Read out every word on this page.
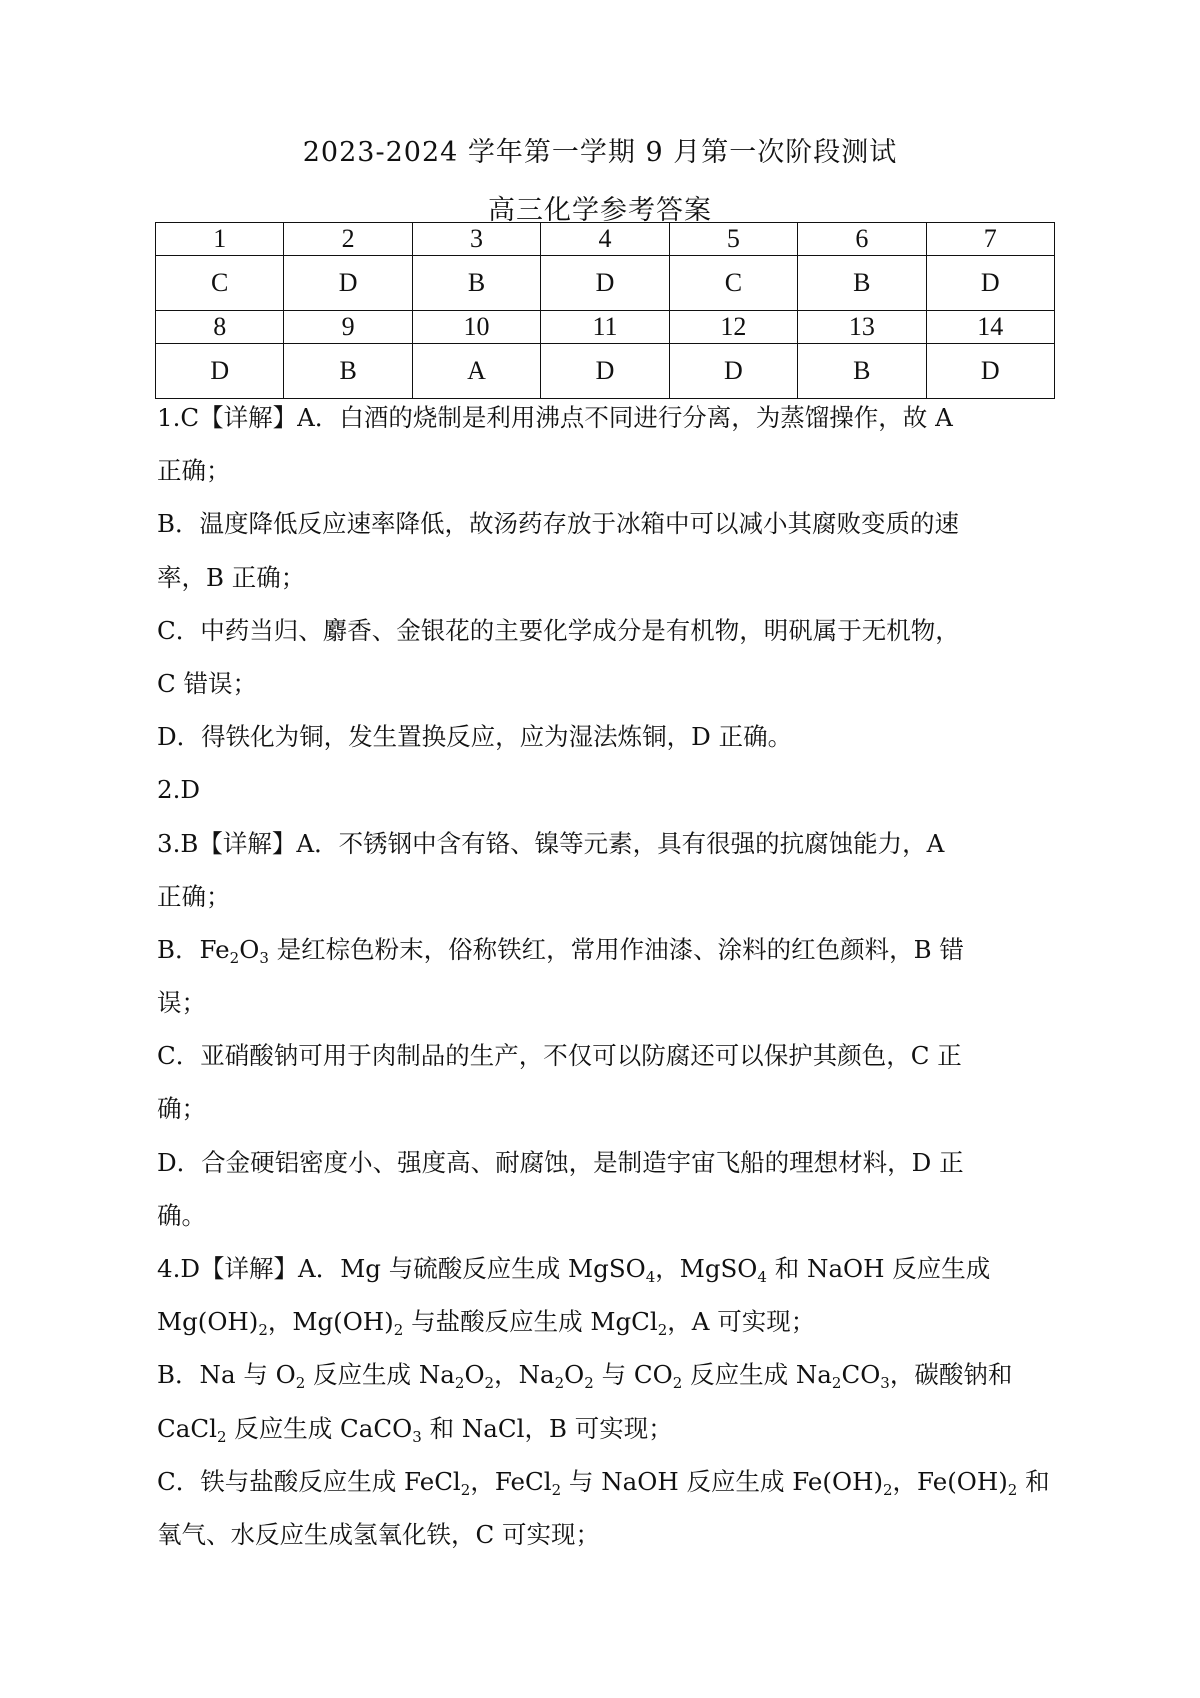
2023-2024 学年第一学期 9 月第一次阶段测试
高三化学参考答案
1	2	3	4	5	6	7
C	D	B	D	C	B	D
8	9	10	11	12	13	14
D	B	A	D	D	B	D
1.C【详解】A．白酒的烧制是利用沸点不同进行分离，为蒸馏操作，故 A
正确；
B．温度降低反应速率降低，故汤药存放于冰箱中可以减小其腐败变质的速
率，B 正确；
C．中药当归、麝香、金银花的主要化学成分是有机物，明矾属于无机物，
C 错误；
D．得铁化为铜，发生置换反应，应为湿法炼铜，D 正确。
2.D
3.B【详解】A．不锈钢中含有铬、镍等元素，具有很强的抗腐蚀能力，A
正确；
B．$Fe_2O_3$ 是红棕色粉末，俗称铁红，常用作油漆、涂料的红色颜料，B 错
误；
C．亚硝酸钠可用于肉制品的生产，不仅可以防腐还可以保护其颜色，C 正
确；
D．合金硬铝密度小、强度高、耐腐蚀，是制造宇宙飞船的理想材料，D 正
确。
4.D【详解】A．Mg 与硫酸反应生成 MgSO$_4$，MgSO$_4$ 和 NaOH 反应生成
$Mg(OH)_2$，$Mg(OH)_2$ 与盐酸反应生成 MgCl$_2$，A 可实现；
B．Na 与 $O_2$ 反应生成 $Na_2O_2$，$Na_2O_2$ 与 $CO_2$ 反应生成 $Na_2CO_3$，碳酸钠和
CaCl$_2$ 反应生成 CaCO$_3$ 和 NaCl，B 可实现；
C．铁与盐酸反应生成 FeCl$_2$，FeCl$_2$ 与 NaOH 反应生成 $Fe(OH)_2$，$Fe(OH)_2$ 和
氧气、水反应生成氢氧化铁，C 可实现；
